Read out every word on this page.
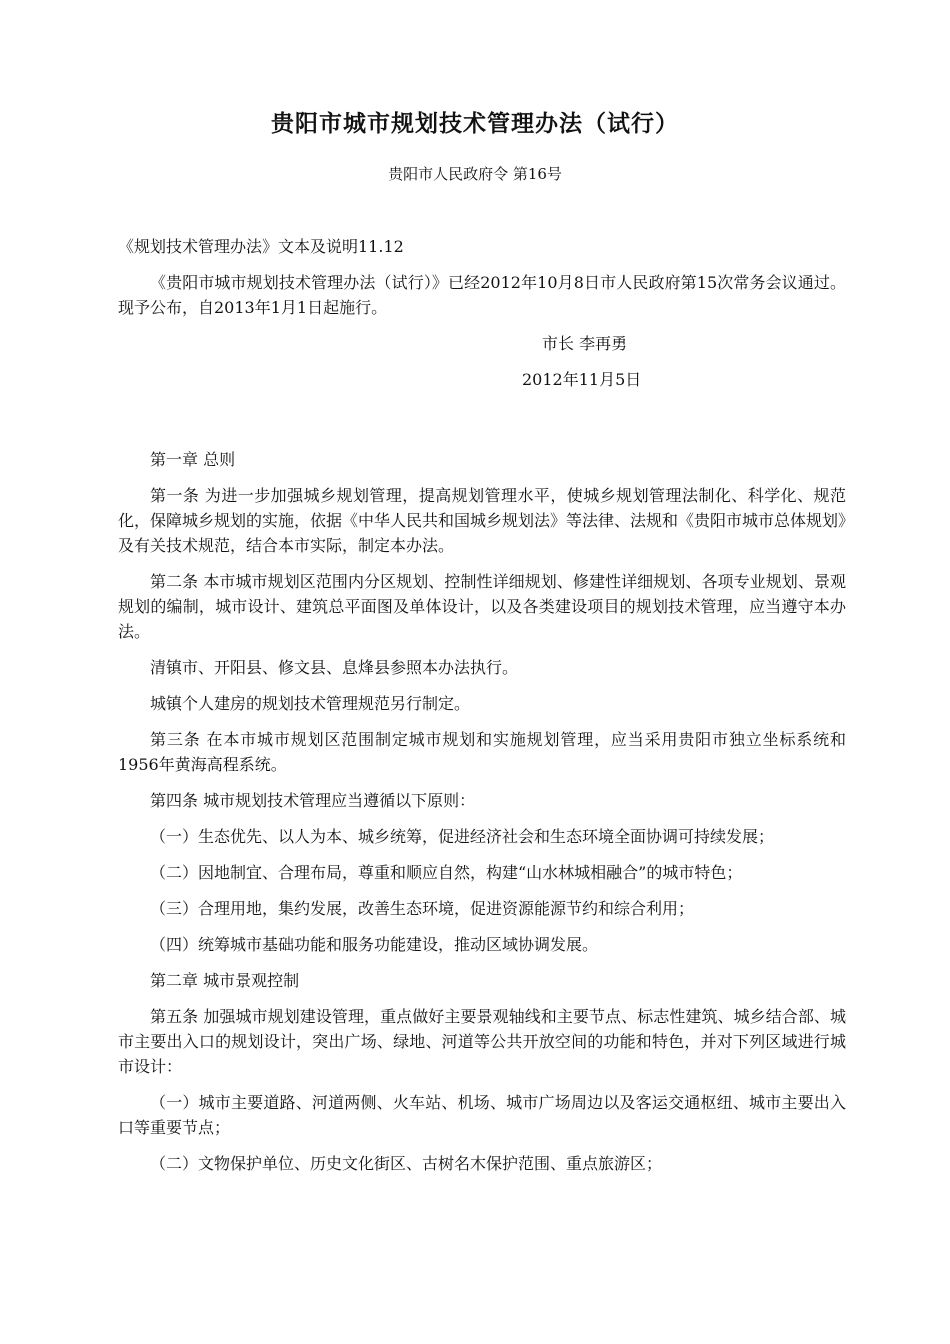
贵阳市城市规划技术管理办法（试行）
贵阳市人民政府令 第16号

《规划技术管理办法》文本及说明11.12

《贵阳市城市规划技术管理办法（试行）》已经2012年10月8日市人民政府第15次常务会议通过。现予公布，自2013年1月1日起施行。

市长 李再勇

2012年11月5日

第一章 总则

第一条 为进一步加强城乡规划管理，提高规划管理水平，使城乡规划管理法制化、科学化、规范化，保障城乡规划的实施，依据《中华人民共和国城乡规划法》等法律、法规和《贵阳市城市总体规划》及有关技术规范，结合本市实际，制定本办法。

第二条 本市城市规划区范围内分区规划、控制性详细规划、修建性详细规划、各项专业规划、景观规划的编制，城市设计、建筑总平面图及单体设计，以及各类建设项目的规划技术管理，应当遵守本办法。

清镇市、开阳县、修文县、息烽县参照本办法执行。

城镇个人建房的规划技术管理规范另行制定。

第三条 在本市城市规划区范围制定城市规划和实施规划管理，应当采用贵阳市独立坐标系统和1956年黄海高程系统。

第四条 城市规划技术管理应当遵循以下原则：

（一）生态优先、以人为本、城乡统筹，促进经济社会和生态环境全面协调可持续发展；

（二）因地制宜、合理布局，尊重和顺应自然，构建“山水林城相融合”的城市特色；

（三）合理用地，集约发展，改善生态环境，促进资源能源节约和综合利用；

（四）统筹城市基础功能和服务功能建设，推动区域协调发展。

第二章 城市景观控制

第五条 加强城市规划建设管理，重点做好主要景观轴线和主要节点、标志性建筑、城乡结合部、城市主要出入口的规划设计，突出广场、绿地、河道等公共开放空间的功能和特色，并对下列区域进行城市设计：

（一）城市主要道路、河道两侧、火车站、机场、城市广场周边以及客运交通枢纽、城市主要出入口等重要节点；

（二）文物保护单位、历史文化街区、古树名木保护范围、重点旅游区；
